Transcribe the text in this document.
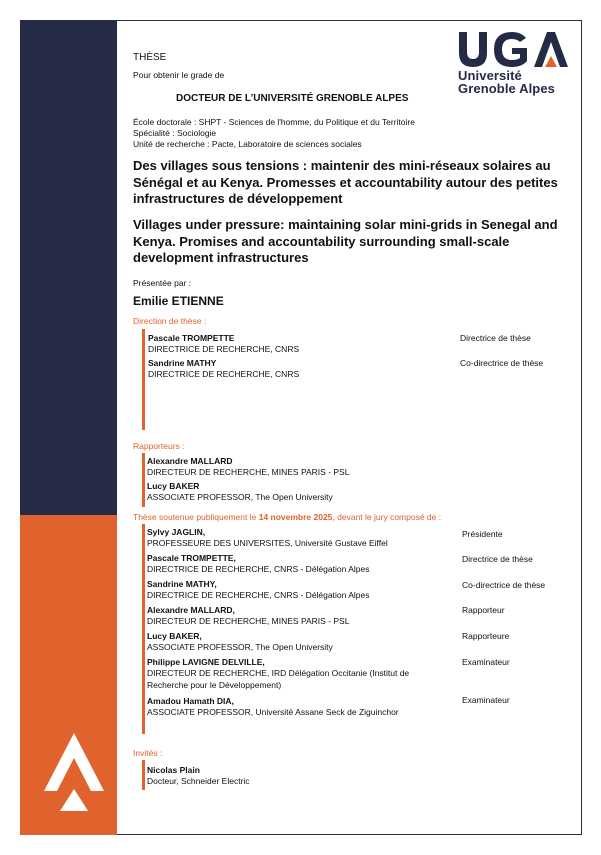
Université
Grenoble Alpes
THÈSE
Pour obtenir le grade de
DOCTEUR DE L’UNIVERSITÉ GRENOBLE ALPES
École doctorale : SHPT - Sciences de l'homme, du Politique et du Territoire
Spécialité : Sociologie
Unité de recherche : Pacte, Laboratoire de sciences sociales
Des villages sous tensions : maintenir des mini-réseaux solaires au Sénégal et au Kenya. Promesses et accountability autour des petites infrastructures de développement
Villages under pressure: maintaining solar mini-grids in Senegal and Kenya. Promises and accountability surrounding small-scale development infrastructures
Présentée par :
Emilie ETIENNE
Direction de thèse :
Pascale TROMPETTE
DIRECTRICE DE RECHERCHE, CNRS
Directrice de thèse
Sandrine MATHY
DIRECTRICE DE RECHERCHE, CNRS
Co-directrice de thèse
Rapporteurs :
Alexandre MALLARD
DIRECTEUR DE RECHERCHE, MINES PARIS - PSL
Lucy BAKER
ASSOCIATE PROFESSOR, The Open University
Thèse soutenue publiquement le 14 novembre 2025, devant le jury composé de :
Sylvy JAGLIN,
PROFESSEURE DES UNIVERSITES, Université Gustave Eiffel
Présidente
Pascale TROMPETTE,
DIRECTRICE DE RECHERCHE, CNRS - Délégation Alpes
Directrice de thèse
Sandrine MATHY,
DIRECTRICE DE RECHERCHE, CNRS - Délégation Alpes
Co-directrice de thèse
Alexandre MALLARD,
DIRECTEUR DE RECHERCHE, MINES PARIS - PSL
Rapporteur
Lucy BAKER,
ASSOCIATE PROFESSOR, The Open University
Rapporteure
Philippe LAVIGNE DELVILLE,
DIRECTEUR DE RECHERCHE, IRD Délégation Occitanie (Institut de
Recherche pour le Développement)
Examinateur
Amadou Hamath DIA,
ASSOCIATE PROFESSOR, Université Assane Seck de Ziguinchor
Examinateur
Invités :
Nicolas Plain
Docteur, Schneider Electric
